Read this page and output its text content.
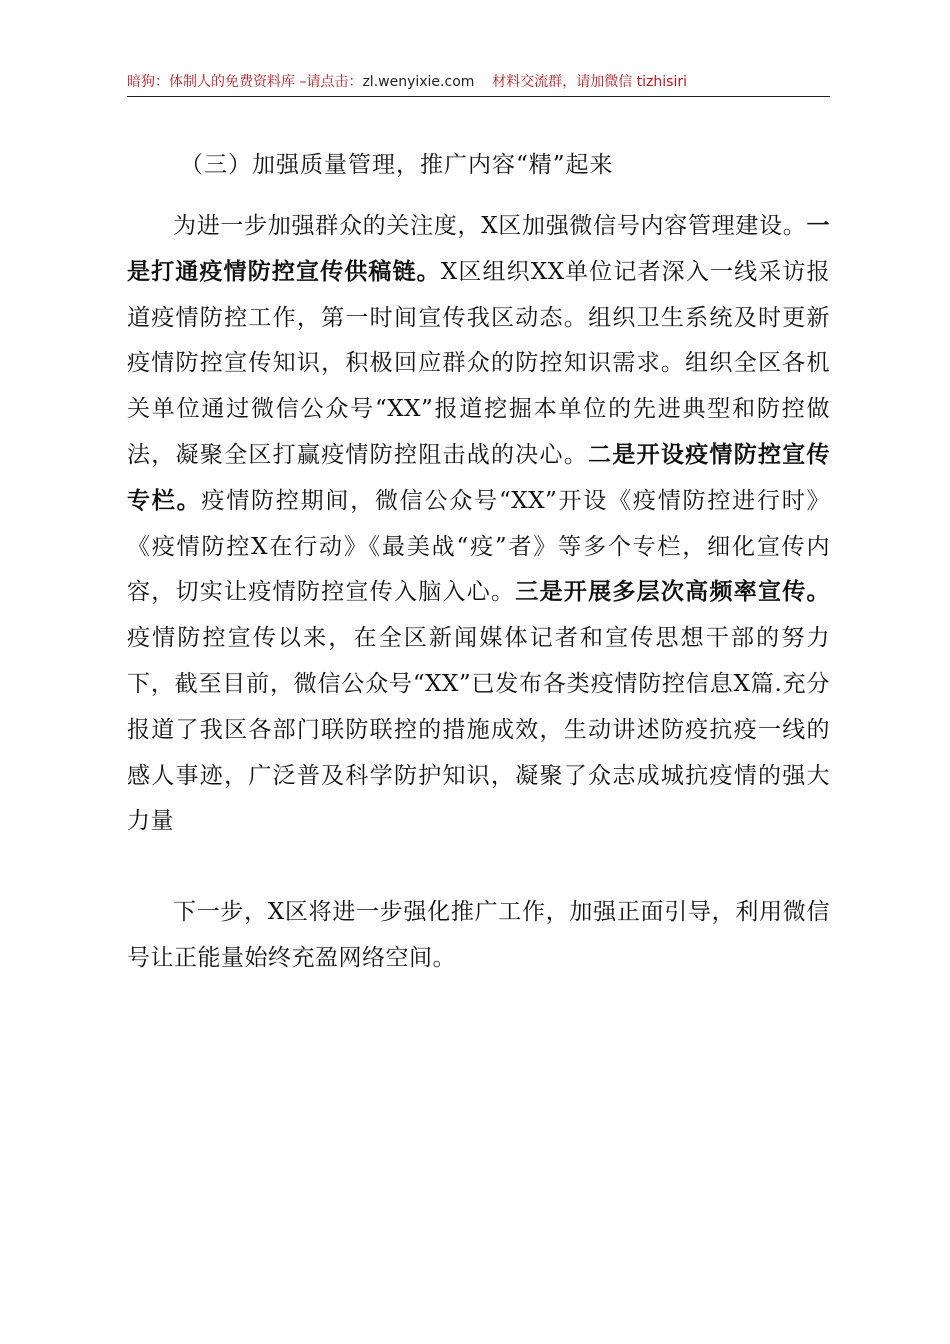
暗狗：体制人的免费资料库 –请点击：zl.wenyixie.com 材料交流群，请加微信 tizhisiri
（三）加强质量管理，推广内容“精”起来

为进一步加强群众的关注度，X区加强微信号内容管理建设。一是打通疫情防控宣传供稿链。X区组织XX单位记者深入一线采访报道疫情防控工作，第一时间宣传我区动态。组织卫生系统及时更新疫情防控宣传知识，积极回应群众的防控知识需求。组织全区各机关单位通过微信公众号“XX”报道挖掘本单位的先进典型和防控做法，凝聚全区打赢疫情防控阻击战的决心。二是开设疫情防控宣传专栏。疫情防控期间，微信公众号“XX”开设《疫情防控进行时》《疫情防控X在行动》《最美战“疫”者》等多个专栏，细化宣传内容，切实让疫情防控宣传入脑入心。三是开展多层次高频率宣传。疫情防控宣传以来，在全区新闻媒体记者和宣传思想干部的努力下，截至目前，微信公众号“XX”已发布各类疫情防控信息X篇.充分报道了我区各部门联防联控的措施成效，生动讲述防疫抗疫一线的感人事迹，广泛普及科学防护知识，凝聚了众志成城抗疫情的强大力量

下一步，X区将进一步强化推广工作，加强正面引导，利用微信号让正能量始终充盈网络空间。
